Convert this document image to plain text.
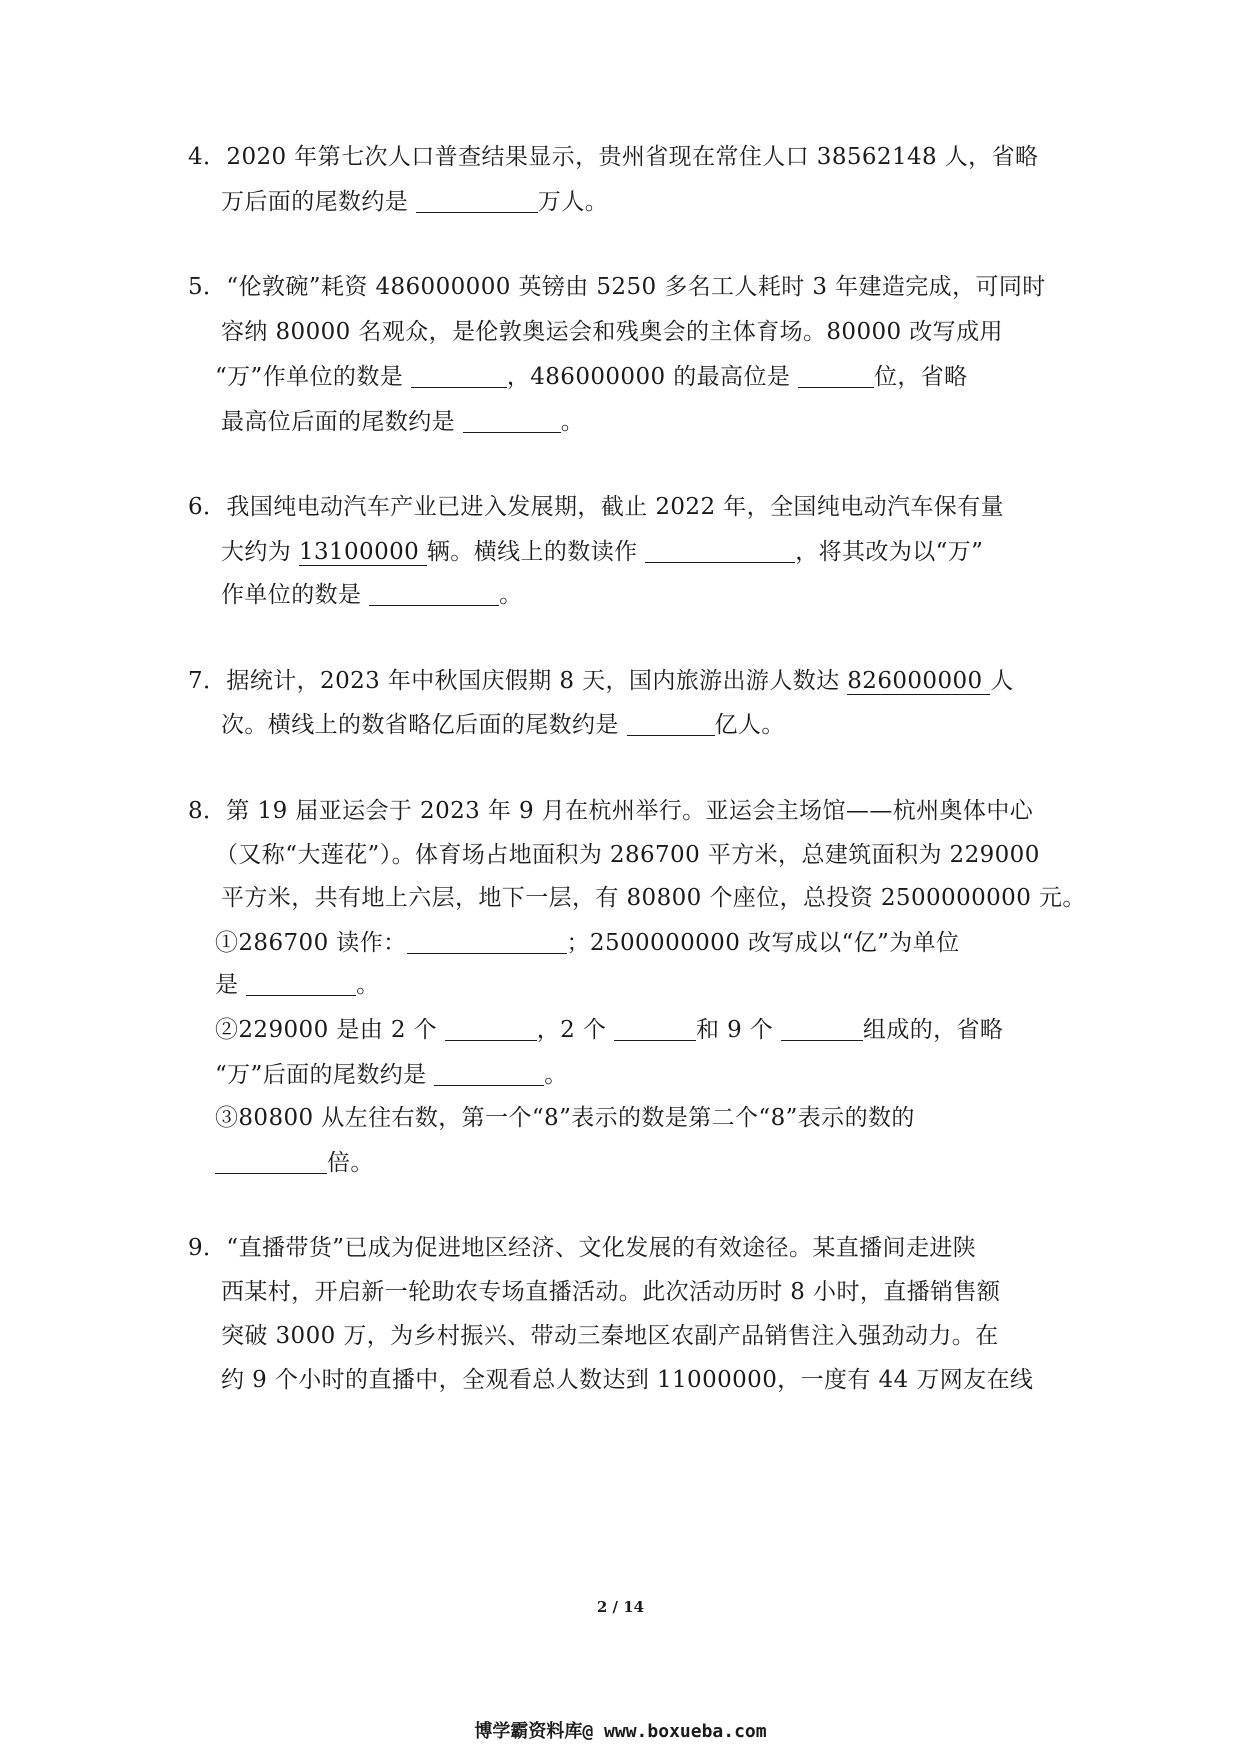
4．2020 年第七次人口普查结果显示，贵州省现在常住人口 38562148 人，省略
万后面的尾数约是	万人。
5．“伦敦碗”耗资 486000000 英镑由 5250 多名工人耗时 3 年建造完成，可同时
容纳 80000 名观众，是伦敦奥运会和残奥会的主体育场。80000 改写成用
“万”作单位的数是	，486000000 的最高位是	位，省略
最高位后面的尾数约是	。
6．我国纯电动汽车产业已进入发展期，截止 2022 年，全国纯电动汽车保有量
大约为 13100000 辆。横线上的数读作	，将其改为以“万”
作单位的数是	。
7．据统计，2023 年中秋国庆假期 8 天，国内旅游出游人数达 826000000 人
次。横线上的数省略亿后面的尾数约是	亿人。
8．第 19 届亚运会于 2023 年 9 月在杭州举行。亚运会主场馆——杭州奥体中心
（又称“大莲花”）。体育场占地面积为 286700 平方米，总建筑面积为 229000
平方米，共有地上六层，地下一层，有 80800 个座位，总投资 2500000000 元。
①286700 读作：	；2500000000 改写成以“亿”为单位
是	。
②229000 是由 2 个	，2 个	和 9 个	组成的，省略
“万”后面的尾数约是	。
③80800 从左往右数，第一个“8”表示的数是第二个“8”表示的数的
倍。
9．“直播带货”已成为促进地区经济、文化发展的有效途径。某直播间走进陕
西某村，开启新一轮助农专场直播活动。此次活动历时 8 小时，直播销售额
突破 3000 万，为乡村振兴、带动三秦地区农副产品销售注入强劲动力。在
约 9 个小时的直播中，全观看总人数达到 11000000，一度有 44 万网友在线
2 / 14
博学霸资料库@ www.boxueba.com
